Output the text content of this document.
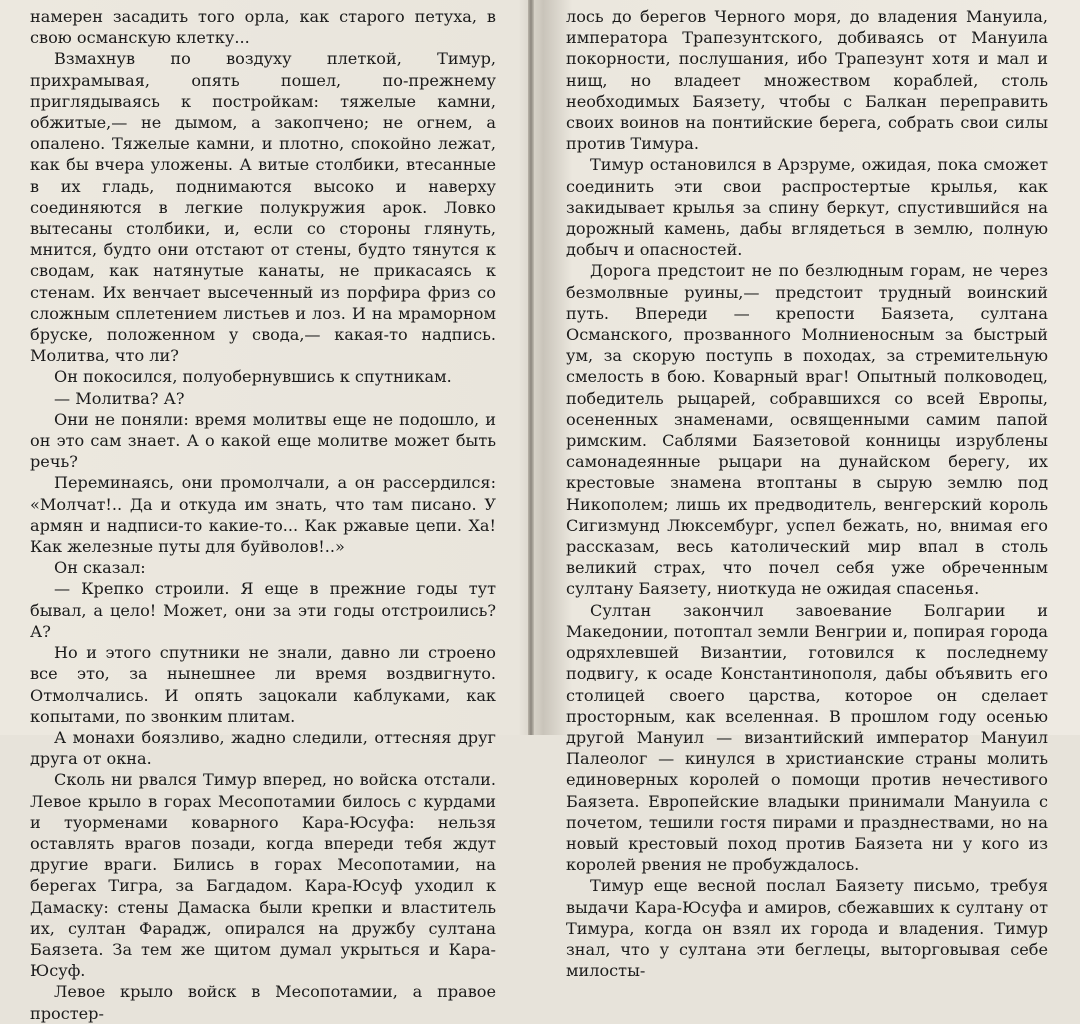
намерен засадить того орла, как старого петуха, в свою османскую клетку...

Взмахнув по воздуху плеткой, Тимур, прихрамывая, опять пошел, по-прежнему приглядываясь к постройкам: тяжелые камни, обжитые,— не дымом, а закопчено; не огнем, а опалено. Тяжелые камни, и плотно, спокойно лежат, как бы вчера уложены. А витые столбики, втесанные в их гладь, поднимаются высоко и наверху соединяются в легкие полукружия арок. Ловко вытесаны столбики, и, если со стороны глянуть, мнится, будто они отстают от стены, будто тянутся к сводам, как натянутые канаты, не прикасаясь к стенам. Их венчает высеченный из порфира фриз со сложным сплетением листьев и лоз. И на мраморном бруске, положенном у свода,— какая-то надпись. Молитва, что ли?

Он покосился, полуобернувшись к спутникам.

— Молитва? А?

Они не поняли: время молитвы еще не подошло, и он это сам знает. А о какой еще молитве может быть речь?

Переминаясь, они промолчали, а он рассердился: «Молчат!.. Да и откуда им знать, что там писано. У армян и надписи-то какие-то... Как ржавые цепи. Ха! Как железные путы для буйволов!..»

Он сказал:

— Крепко строили. Я еще в прежние годы тут бывал, а цело! Может, они за эти годы отстроились? А?

Но и этого спутники не знали, давно ли строено все это, за нынешнее ли время воздвигнуто. Отмолчались. И опять зацокали каблуками, как копытами, по звонким плитам.

А монахи боязливо, жадно следили, оттесняя друг друга от окна.

Сколь ни рвался Тимур вперед, но войска отстали. Левое крыло в горах Месопотамии билось с курдами и туорменами коварного Кара-Юсуфа: нельзя оставлять врагов позади, когда впереди тебя ждут другие враги. Бились в горах Месопотамии, на берегах Тигра, за Багдадом. Кара-Юсуф уходил к Дамаску: стены Дамаска были крепки и властитель их, султан Фарадж, опирался на дружбу султана Баязета. За тем же щитом думал укрыться и Кара-Юсуф.

Левое крыло войск в Месопотамии, а правое простер-

лось до берегов Черного моря, до владения Мануила, императора Трапезунтского, добиваясь от Мануила покорности, послушания, ибо Трапезунт хотя и мал и нищ, но владеет множеством кораблей, столь необходимых Баязету, чтобы с Балкан переправить своих воинов на понтийские берега, собрать свои силы против Тимура.

Тимур остановился в Арзруме, ожидая, пока сможет соединить эти свои распростертые крылья, как закидывает крылья за спину беркут, спустившийся на дорожный камень, дабы вглядеться в землю, полную добыч и опасностей.

Дорога предстоит не по безлюдным горам, не через безмолвные руины,— предстоит трудный воинский путь. Впереди — крепости Баязета, султана Османского, прозванного Молниеносным за быстрый ум, за скорую поступь в походах, за стремительную смелость в бою. Коварный враг! Опытный полководец, победитель рыцарей, собравшихся со всей Европы, осененных знаменами, освященными самим папой римским. Саблями Баязетовой конницы изрублены самонадеянные рыцари на дунайском берегу, их крестовые знамена втоптаны в сырую землю под Никополем; лишь их предводитель, венгерский король Сигизмунд Люксембург, успел бежать, но, внимая его рассказам, весь католический мир впал в столь великий страх, что почел себя уже обреченным султану Баязету, ниоткуда не ожидая спасенья.

Султан закончил завоевание Болгарии и Македонии, потоптал земли Венгрии и, попирая города одряхлевшей Византии, готовился к последнему подвигу, к осаде Константинополя, дабы объявить его столицей своего царства, которое он сделает просторным, как вселенная. В прошлом году осенью другой Мануил — византийский император Мануил Палеолог — кинулся в христианские страны молить единоверных королей о помощи против нечестивого Баязета. Европейские владыки принимали Мануила с почетом, тешили гостя пирами и празднествами, но на новый крестовый поход против Баязета ни у кого из королей рвения не пробуждалось.

Тимур еще весной послал Баязету письмо, требуя выдачи Кара-Юсуфа и амиров, сбежавших к султану от Тимура, когда он взял их города и владения. Тимур знал, что у султана эти беглецы, выторговывая себе милосты-
